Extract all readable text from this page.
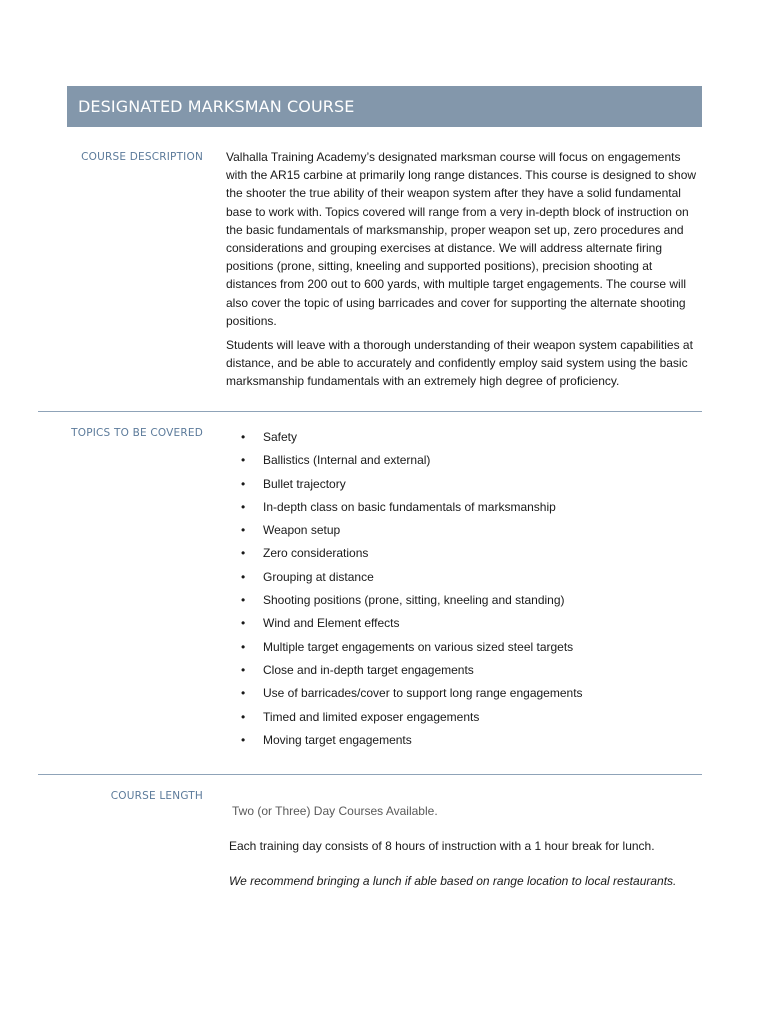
DESIGNATED MARKSMAN COURSE
COURSE DESCRIPTION Valhalla Training Academy’s designated marksman course will focus on engagements with the AR15 carbine at primarily long range distances. This course is designed to show the shooter the true ability of their weapon system after they have a solid fundamental base to work with. Topics covered will range from a very in-depth block of instruction on the basic fundamentals of marksmanship, proper weapon set up, zero procedures and considerations and grouping exercises at distance. We will address alternate firing positions (prone, sitting, kneeling and supported positions), precision shooting at distances from 200 out to 600 yards, with multiple target engagements. The course will also cover the topic of using barricades and cover for supporting the alternate shooting positions.

Students will leave with a thorough understanding of their weapon system capabilities at distance, and be able to accurately and confidently employ said system using the basic marksmanship fundamentals with an extremely high degree of proficiency.

TOPICS TO BE COVERED
•	Safety
• Ballistics (Internal and external)
• Bullet trajectory
• In-depth class on basic fundamentals of marksmanship
• Weapon setup
• Zero considerations
• Grouping at distance
• Shooting positions (prone, sitting, kneeling and standing)
• Wind and Element effects
• Multiple target engagements on various sized steel targets
• Close and in-depth target engagements
• Use of barricades/cover to support long range engagements
• Timed and limited exposer engagements
• Moving target engagements
COURSE LENGTH

Two (or Three) Day Courses Available.

Each training day consists of 8 hours of instruction with a 1 hour break for lunch.

We recommend bringing a lunch if able based on range location to local restaurants.
